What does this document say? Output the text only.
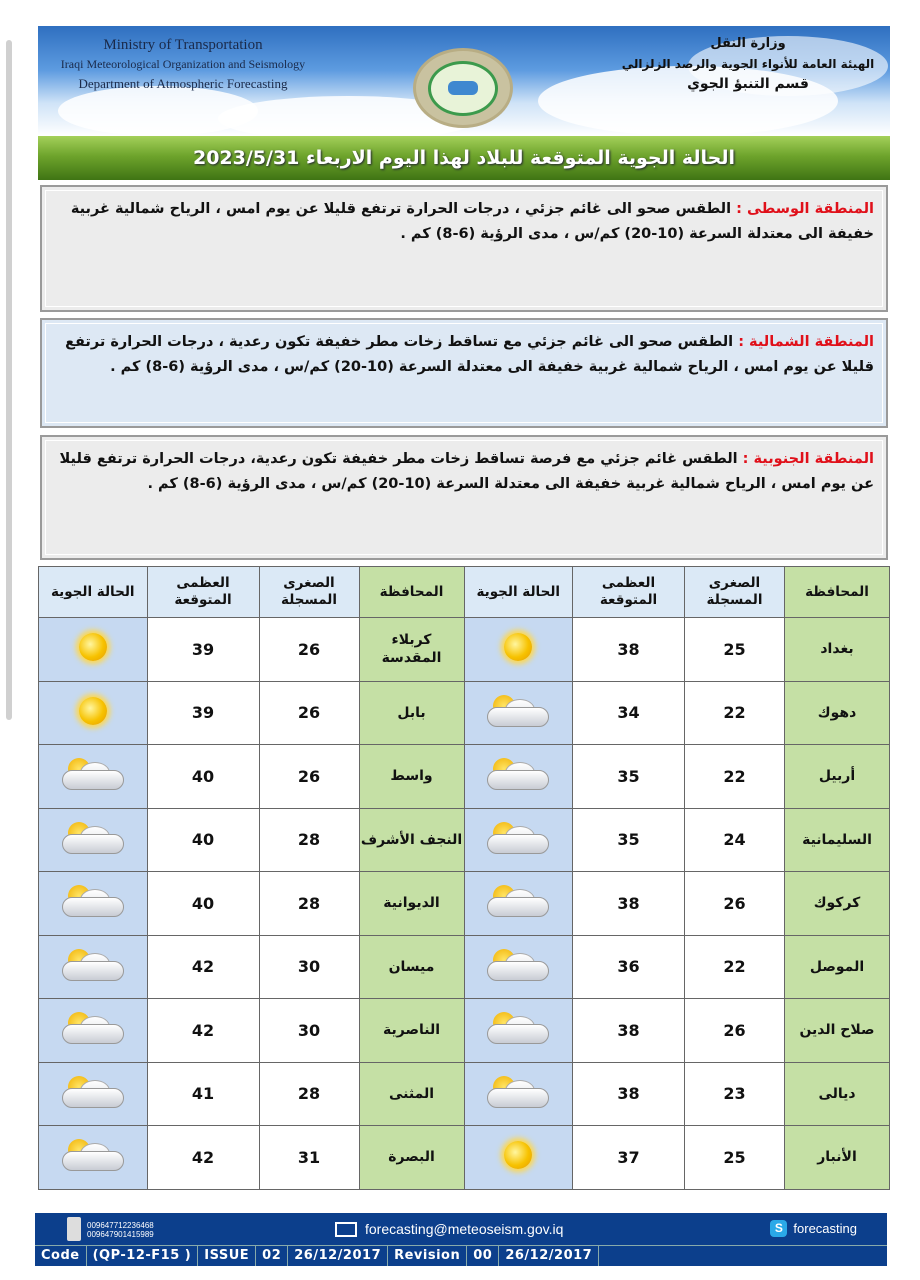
Ministry of Transportation
Iraqi Meteorological Organization and Seismology
Department of Atmospheric Forecasting
وزارة النقل
الهيئة العامة للأنواء الجوية والرصد الزلزالي
قسم التنبؤ الجوي
الحالة الجوية المتوقعة للبلاد لهذا اليوم الاربعاء 2023/5/31
المنطقة الوسطى : الطقس صحو الى غائم جزئي ، درجات الحرارة ترتفع قليلا عن يوم امس ، الرياح شمالية غربية خفيفة الى معتدلة السرعة (10-20) كم/س ، مدى الرؤية (6-8) كم .
المنطقة الشمالية : الطقس صحو الى غائم جزئي مع تساقط زخات مطر خفيفة تكون رعدية ، درجات الحرارة ترتفع قليلا عن يوم امس ، الرياح شمالية غربية خفيفة الى معتدلة السرعة (10-20) كم/س ، مدى الرؤية (6-8) كم .
المنطقة الجنوبية : الطقس غائم جزئي مع فرصة تساقط زخات مطر خفيفة تكون رعدية، درجات الحرارة ترتفع قليلا عن يوم امس ، الرياح شمالية غربية خفيفة الى معتدلة السرعة (10-20) كم/س ، مدى الرؤية (6-8) كم .
المحافظة	الصغرى المسجلة	العظمى المتوقعة	الحالة الجوية	المحافظة	الصغرى المسجلة	العظمى المتوقعة	الحالة الجوية
بغداد	25	38		كربلاء المقدسة	26	39	
دهوك	22	34		بابل	26	39	
أربيل	22	35		واسط	26	40	

السليمانية	24	35		النجف الأشرف	28	40	

كركوك	26	38		الديوانية	28	40	

الموصل	22	36		ميسان	30	42	

صلاح الدين	26	38		الناصرية	30	42	

ديالى	23	38		المثنى	28	41	

الأنبار	25	37		البصرة	31	42	
009647712236468
009647901415989	forecasting@meteoseism.gov.iq	S forecasting
Code	(QP-12-F15 )	ISSUE	02	26/12/2017	Revision	00	26/12/2017
